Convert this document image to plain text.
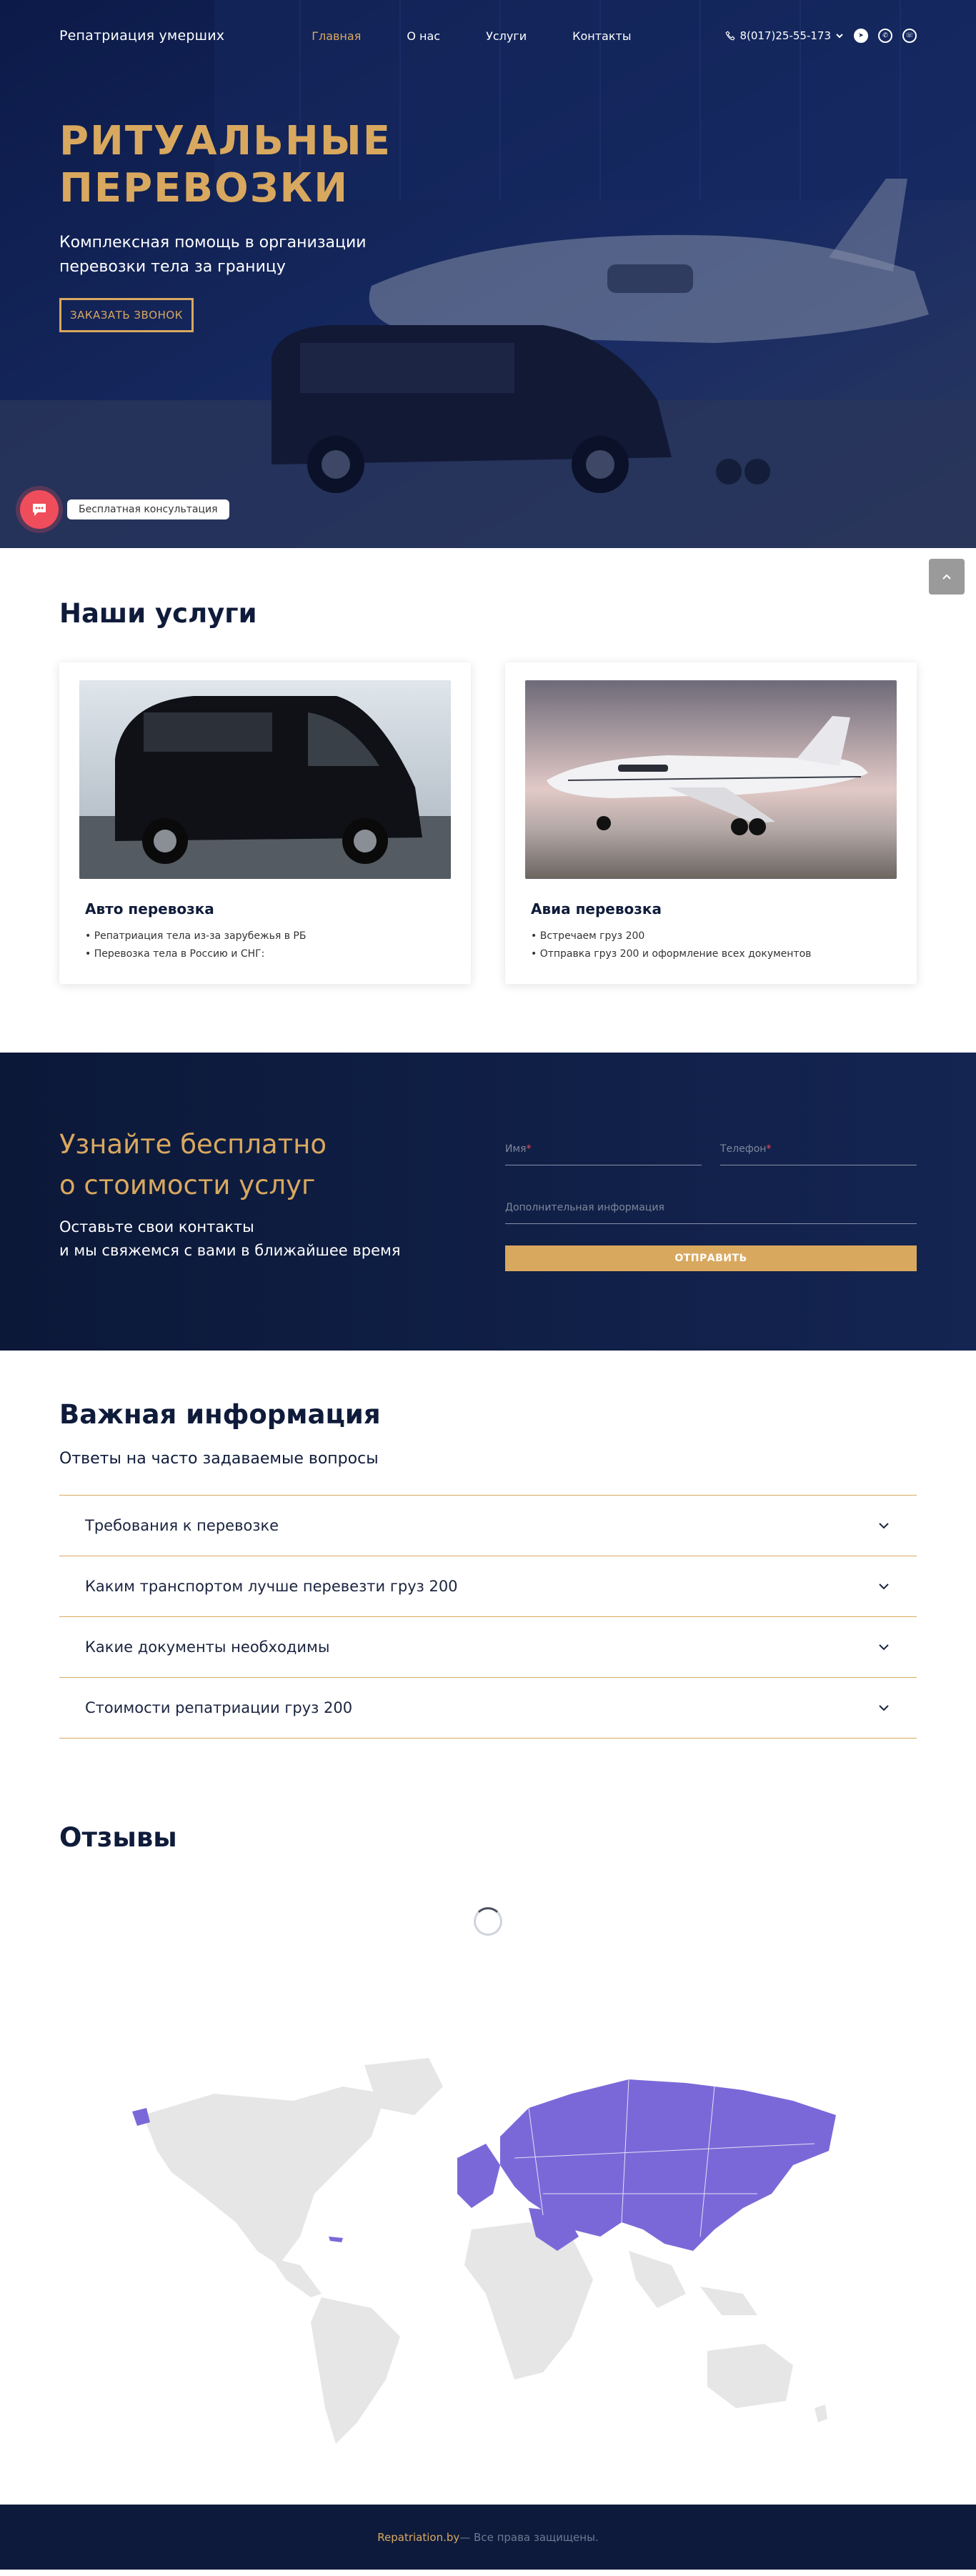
Репатриация умерших	Главная	О нас	Услуги	Контакты	8(017)25-55-173	➤	✆	☏
РИТУАЛЬНЫЕ ПЕРЕВОЗКИ

Комплексная помощь в организации перевозки тела за границу

ЗАКАЗАТЬ ЗВОНОК
Бесплатная консультация
Наши услуги
Авто перевозка
• Репатриация тела из-за зарубежья в РБ
• Перевозка тела в Россию и СНГ:
Авиа перевозка
• Встречаем груз 200
• Отправка груз 200 и оформление всех документов
Узнайте бесплатно
о стоимости услуг

Оставьте свои контакты
и мы свяжемся с вами в ближайшее время

Имя *	Телефон *
Дополнительная информация
ОТПРАВИТЬ
Важная информация

Ответы на часто задаваемые вопросы

Требования к перевозке
Каким транспортом лучше перевезти груз 200
Какие документы необходимы
Стоимости репатриации груз 200
Отзывы
Repatriation.by — Все права защищены.
